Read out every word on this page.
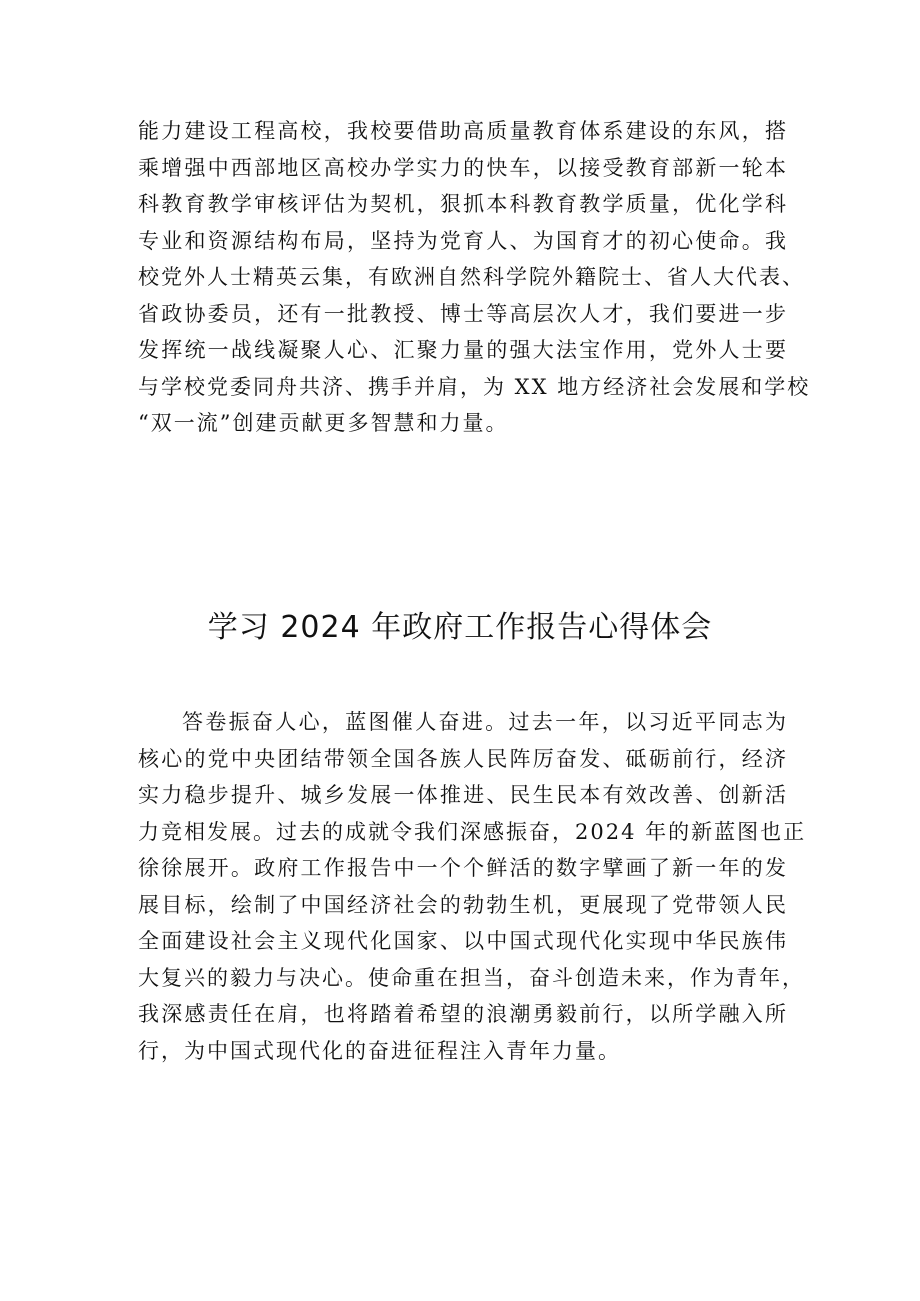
能力建设工程高校，我校要借助高质量教育体系建设的东风，搭
乘增强中西部地区高校办学实力的快车，以接受教育部新一轮本
科教育教学审核评估为契机，狠抓本科教育教学质量，优化学科
专业和资源结构布局，坚持为党育人、为国育才的初心使命。我
校党外人士精英云集，有欧洲自然科学院外籍院士、省人大代表、
省政协委员，还有一批教授、博士等高层次人才，我们要进一步
发挥统一战线凝聚人心、汇聚力量的强大法宝作用，党外人士要
与学校党委同舟共济、携手并肩，为 XX 地方经济社会发展和学校
“双一流”创建贡献更多智慧和力量。
学习 2024 年政府工作报告心得体会
答卷振奋人心，蓝图催人奋进。过去一年，以习近平同志为
核心的党中央团结带领全国各族人民阵厉奋发、砥砺前行，经济
实力稳步提升、城乡发展一体推进、民生民本有效改善、创新活
力竞相发展。过去的成就令我们深感振奋，2024 年的新蓝图也正
徐徐展开。政府工作报告中一个个鲜活的数字擘画了新一年的发
展目标，绘制了中国经济社会的勃勃生机，更展现了党带领人民
全面建设社会主义现代化国家、以中国式现代化实现中华民族伟
大复兴的毅力与决心。使命重在担当，奋斗创造未来，作为青年，
我深感责任在肩，也将踏着希望的浪潮勇毅前行，以所学融入所
行，为中国式现代化的奋进征程注入青年力量。
